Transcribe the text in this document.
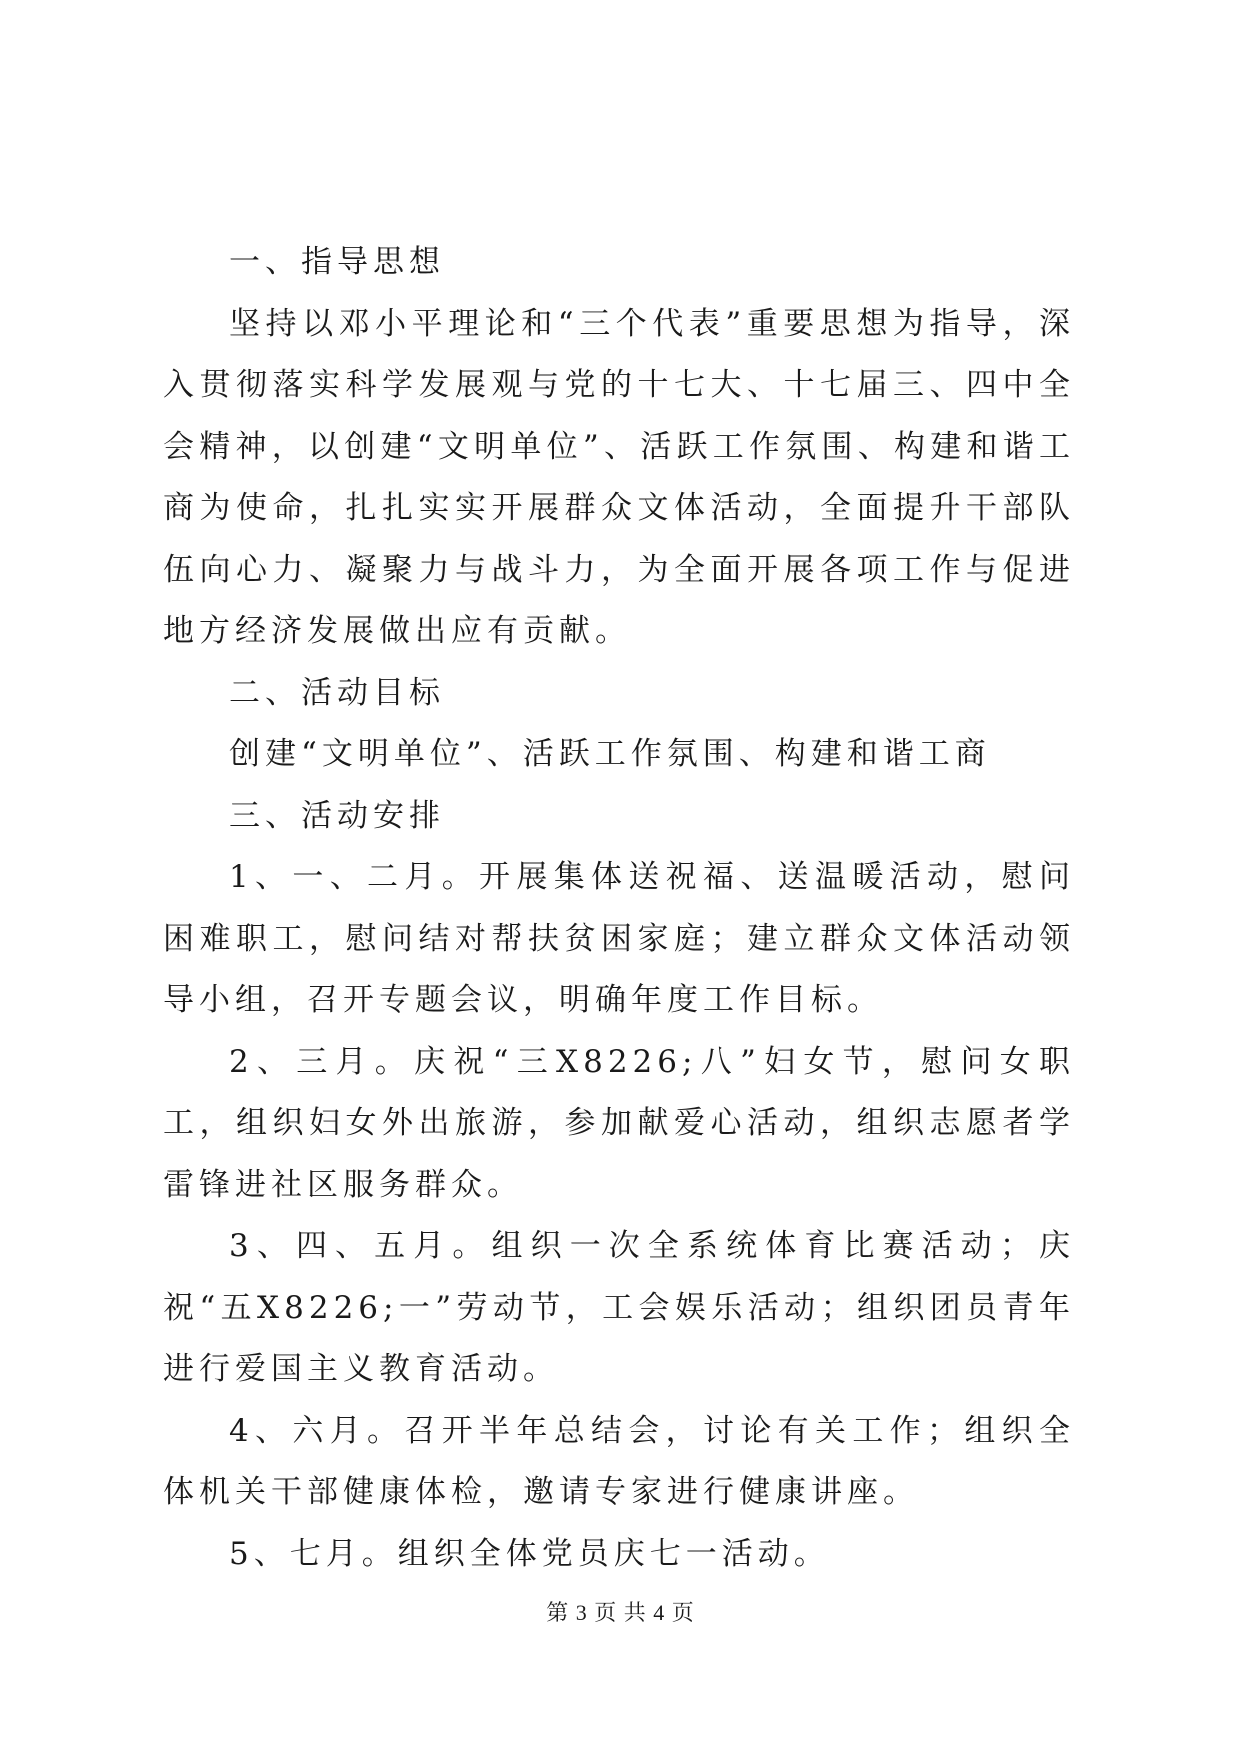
一、指导思想

坚持以邓小平理论和“三个代表”重要思想为指导，深入贯彻落实科学发展观与党的十七大、十七届三、四中全会精神，以创建“文明单位”、活跃工作氛围、构建和谐工商为使命，扎扎实实开展群众文体活动，全面提升干部队伍向心力、凝聚力与战斗力，为全面开展各项工作与促进地方经济发展做出应有贡献。

二、活动目标

创建“文明单位”、活跃工作氛围、构建和谐工商

三、活动安排

1、一、二月。开展集体送祝福、送温暖活动，慰问困难职工，慰问结对帮扶贫困家庭；建立群众文体活动领导小组，召开专题会议，明确年度工作目标。

2、三月。庆祝“三X8226;八”妇女节，慰问女职工，组织妇女外出旅游，参加献爱心活动，组织志愿者学雷锋进社区服务群众。

3、四、五月。组织一次全系统体育比赛活动；庆祝“五X8226;一”劳动节，工会娱乐活动；组织团员青年进行爱国主义教育活动。

4、六月。召开半年总结会，讨论有关工作；组织全体机关干部健康体检，邀请专家进行健康讲座。

5、七月。组织全体党员庆七一活动。

第 3 页 共 4 页
